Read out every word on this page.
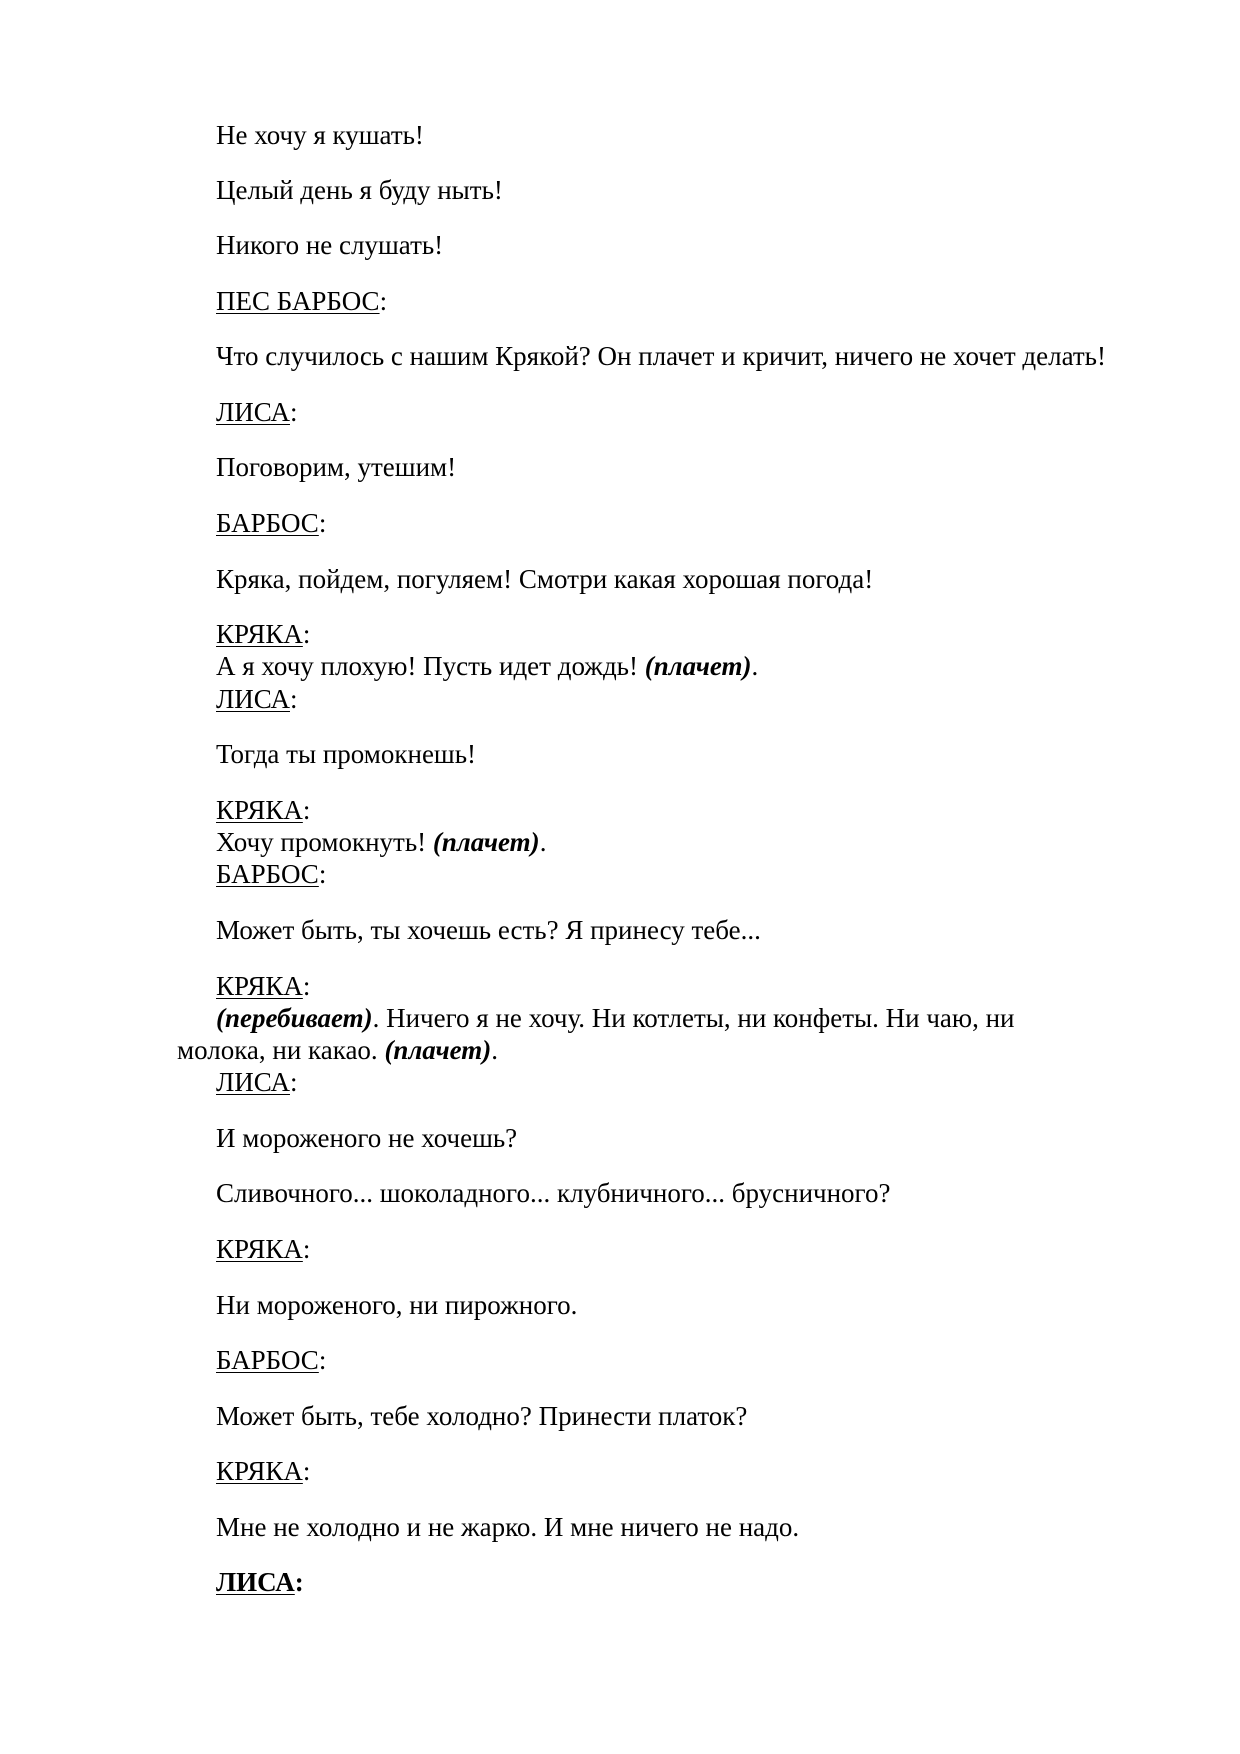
Не хочу я кушать!
Целый день я буду ныть!
Никого не слушать!
ПЕС БАРБОС:
Что случилось с нашим Крякой? Он плачет и кричит, ничего не хочет делать!
ЛИСА:
Поговорим, утешим!
БАРБОС:
Кряка, пойдем, погуляем! Смотри какая хорошая погода!
КРЯКА:
А я хочу плохую! Пусть идет дождь! (плачет).
ЛИСА:
Тогда ты промокнешь!
КРЯКА:
Хочу промокнуть! (плачет).
БАРБОС:
Может быть, ты хочешь есть? Я принесу тебе...
КРЯКА:
(перебивает). Ничего я не хочу. Ни котлеты, ни конфеты. Ни чаю, ни
молока, ни какао. (плачет).
ЛИСА:
И мороженого не хочешь?
Сливочного... шоколадного... клубничного... брусничного?
КРЯКА:
Ни мороженого, ни пирожного.
БАРБОС:
Может быть, тебе холодно? Принести платок?
КРЯКА:
Мне не холодно и не жарко. И мне ничего не надо.
ЛИСА:
